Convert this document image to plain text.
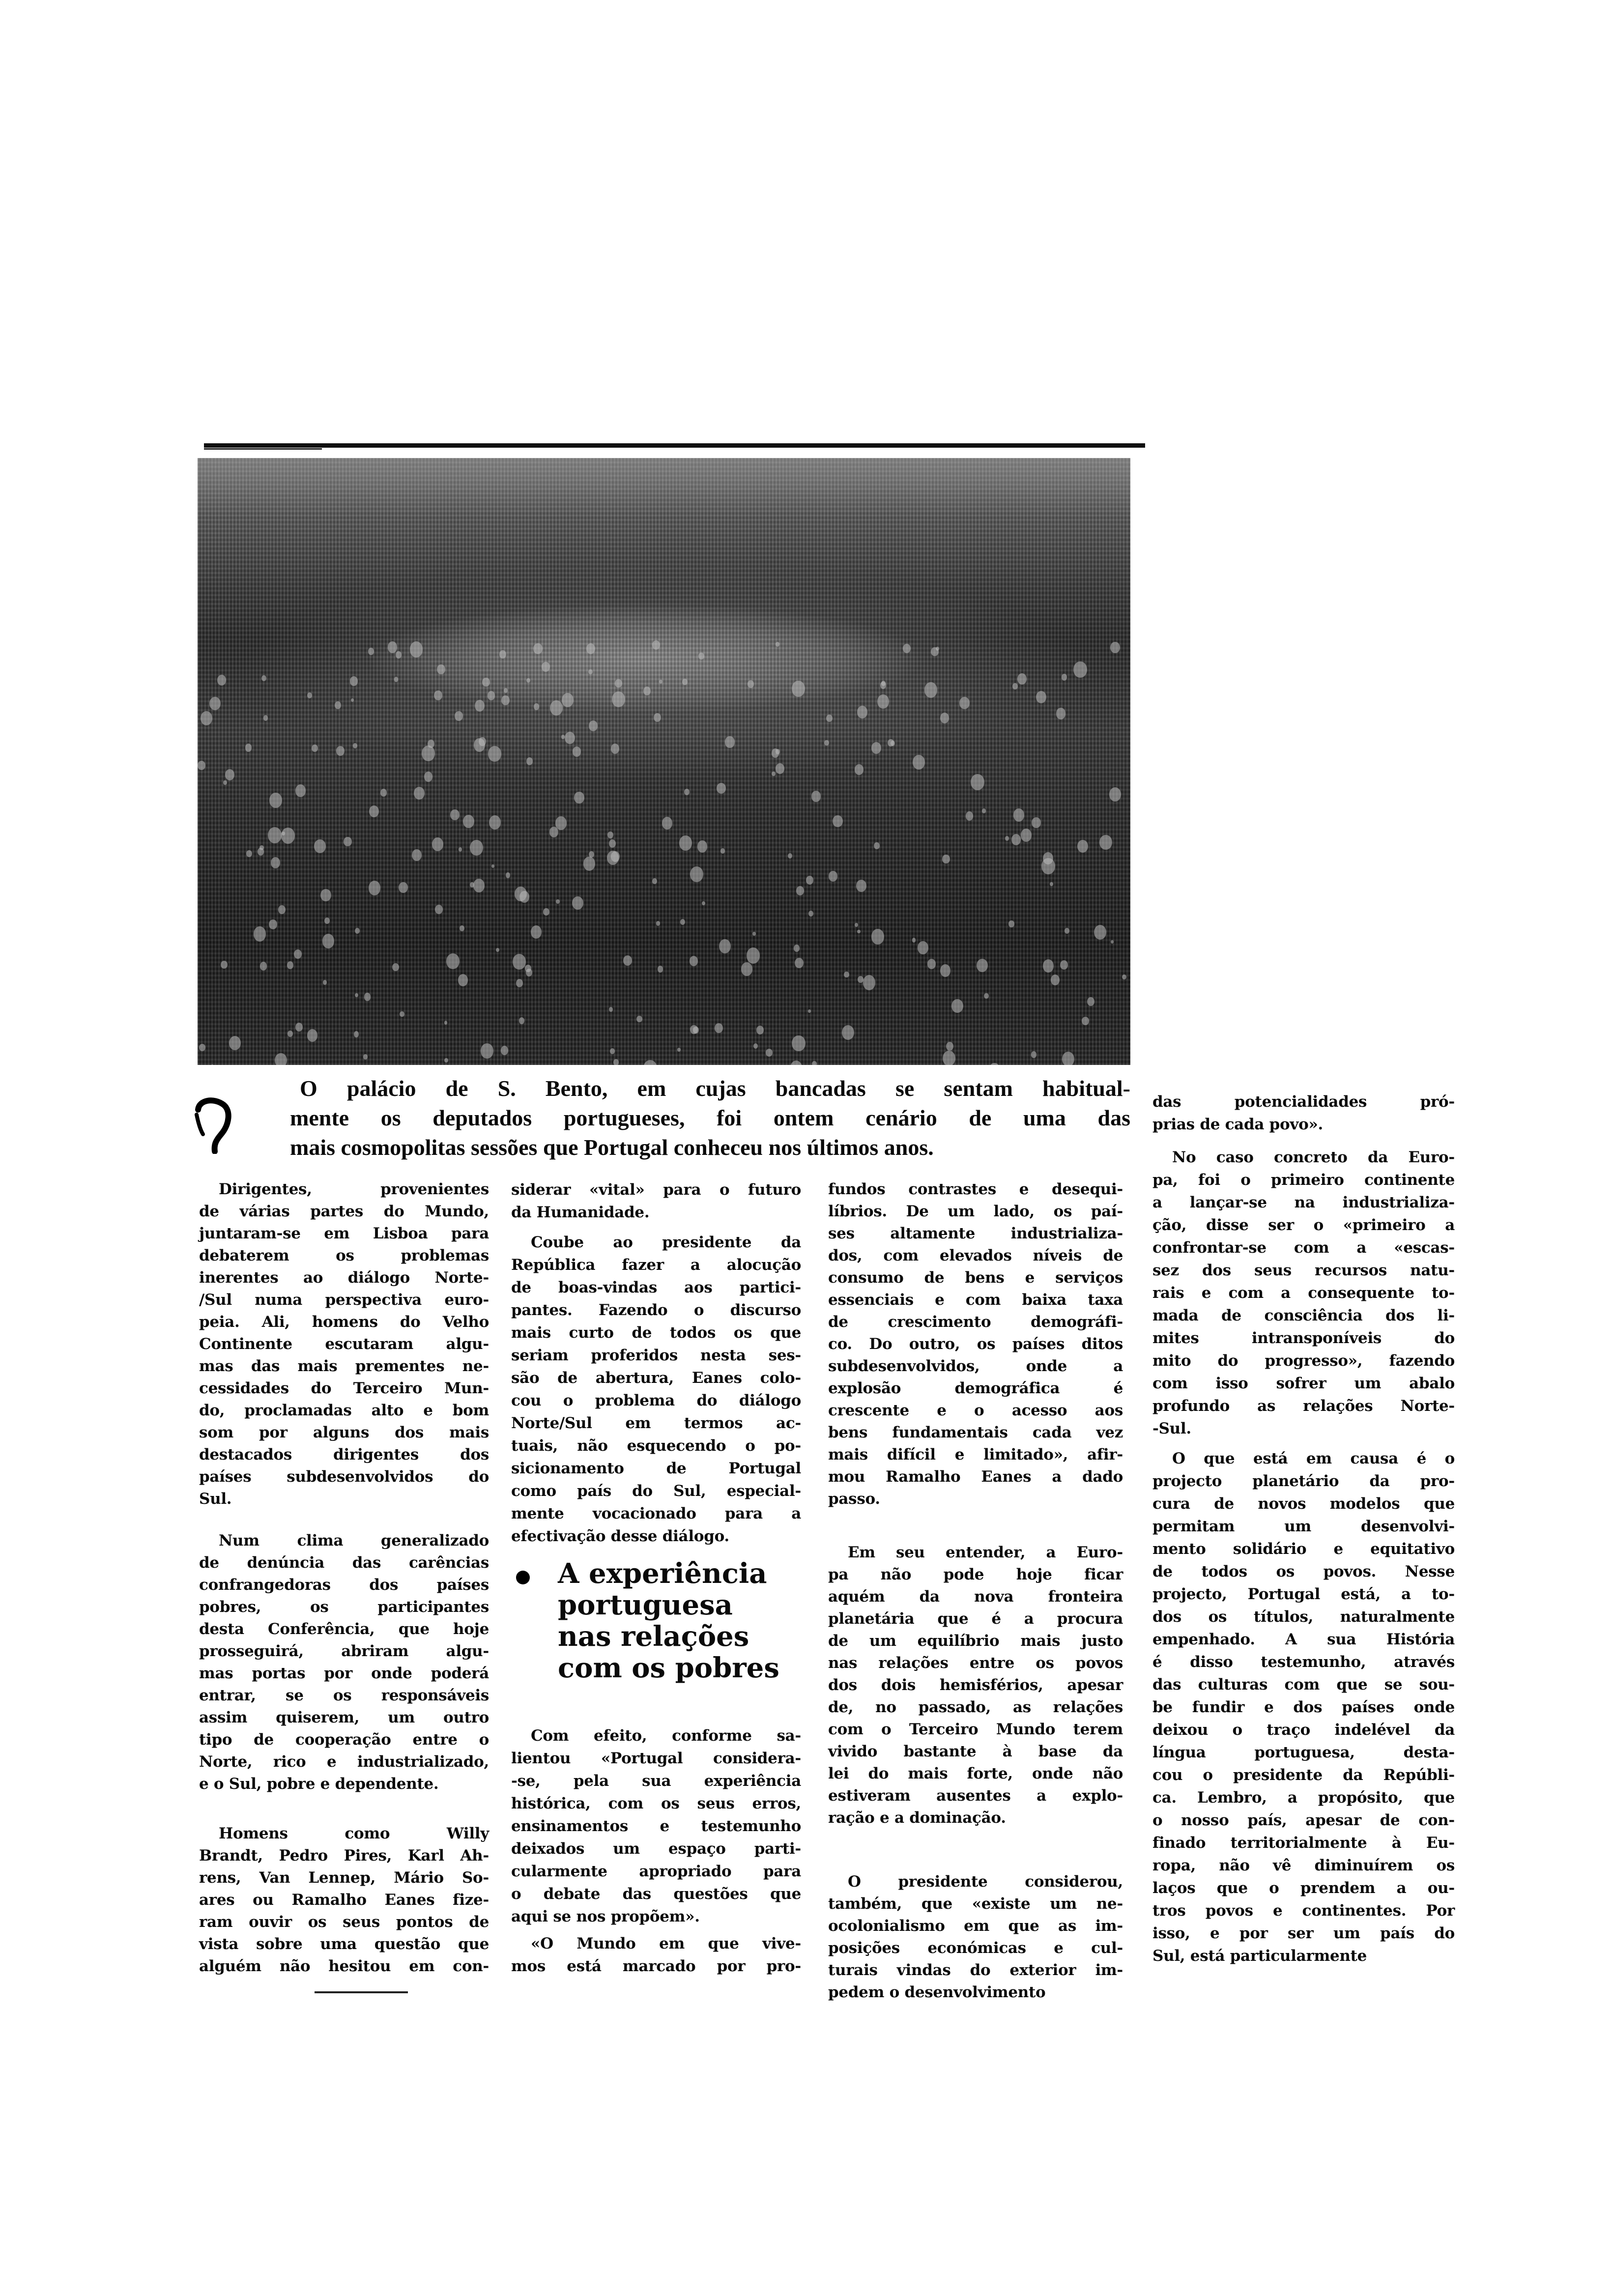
O palácio de S. Bento, em cujas bancadas se sentam habitual-
mente os deputados portugueses, foi ontem cenário de uma das
mais cosmopolitas sessões que Portugal conheceu nos últimos anos.
Dirigentes, provenientes
de várias partes do Mundo,
juntaram-se em Lisboa para
debaterem os problemas
inerentes ao diálogo Norte-
/Sul numa perspectiva euro-
peia. Ali, homens do Velho
Continente escutaram algu-
mas das mais prementes ne-
cessidades do Terceiro Mun-
do, proclamadas alto e bom
som por alguns dos mais
destacados dirigentes dos
países subdesenvolvidos do
Sul.
Num clima generalizado
de denúncia das carências
confrangedoras dos países
pobres, os participantes
desta Conferência, que hoje
prosseguirá, abriram algu-
mas portas por onde poderá
entrar, se os responsáveis
assim quiserem, um outro
tipo de cooperação entre o
Norte, rico e industrializado,
e o Sul, pobre e dependente.
Homens como Willy
Brandt, Pedro Pires, Karl Ah-
rens, Van Lennep, Mário So-
ares ou Ramalho Eanes fize-
ram ouvir os seus pontos de
vista sobre uma questão que
alguém não hesitou em con-
siderar «vital» para o futuro
da Humanidade.
Coube ao presidente da
República fazer a alocução
de boas-vindas aos partici-
pantes. Fazendo o discurso
mais curto de todos os que
seriam proferidos nesta ses-
são de abertura, Eanes colo-
cou o problema do diálogo
Norte/Sul em termos ac-
tuais, não esquecendo o po-
sicionamento de Portugal
como país do Sul, especial-
mente vocacionado para a
efectivação desse diálogo.
Com efeito, conforme sa-
lientou «Portugal considera-
-se, pela sua experiência
histórica, com os seus erros,
ensinamentos e testemunho
deixados um espaço parti-
cularmente apropriado para
o debate das questões que
aqui se nos propõem».
«O Mundo em que vive-
mos está marcado por pro-
fundos contrastes e desequi-
líbrios. De um lado, os paí-
ses altamente industrializa-
dos, com elevados níveis de
consumo de bens e serviços
essenciais e com baixa taxa
de crescimento demográfi-
co. Do outro, os países ditos
subdesenvolvidos, onde a
explosão demográfica é
crescente e o acesso aos
bens fundamentais cada vez
mais difícil e limitado», afir-
mou Ramalho Eanes a dado
passo.
Em seu entender, a Euro-
pa não pode hoje ficar
aquém da nova fronteira
planetária que é a procura
de um equilíbrio mais justo
nas relações entre os povos
dos dois hemisférios, apesar
de, no passado, as relações
com o Terceiro Mundo terem
vivido bastante à base da
lei do mais forte, onde não
estiveram ausentes a explo-
ração e a dominação.
O presidente considerou,
também, que «existe um ne-
ocolonialismo em que as im-
posições económicas e cul-
turais vindas do exterior im-
pedem o desenvolvimento
das potencialidades pró-
prias de cada povo».
No caso concreto da Euro-
pa, foi o primeiro continente
a lançar-se na industrializa-
ção, disse ser o «primeiro a
confrontar-se com a «escas-
sez dos seus recursos natu-
rais e com a consequente to-
mada de consciência dos li-
mites intransponíveis do
mito do progresso», fazendo
com isso sofrer um abalo
profundo as relações Norte-
-Sul.
O que está em causa é o
projecto planetário da pro-
cura de novos modelos que
permitam um desenvolvi-
mento solidário e equitativo
de todos os povos. Nesse
projecto, Portugal está, a to-
dos os títulos, naturalmente
empenhado. A sua História
é disso testemunho, através
das culturas com que se sou-
be fundir e dos países onde
deixou o traço indelével da
língua portuguesa, desta-
cou o presidente da Repúbli-
ca. Lembro, a propósito, que
o nosso país, apesar de con-
finado territorialmente à Eu-
ropa, não vê diminuírem os
laços que o prendem a ou-
tros povos e continentes. Por
isso, e por ser um país do
Sul, está particularmente
A experiência
portuguesa
nas relações
com os pobres
